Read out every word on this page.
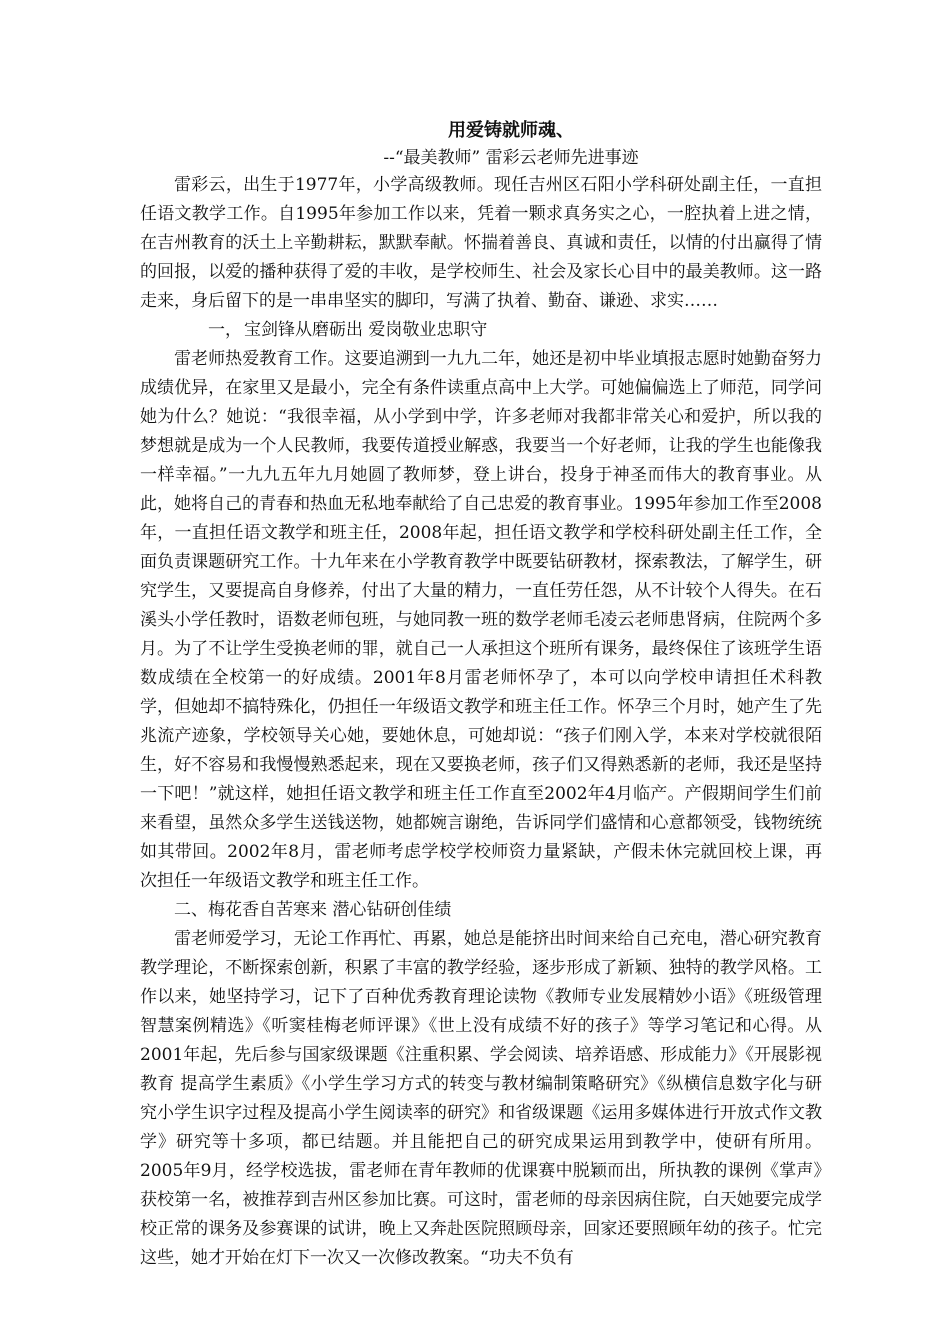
用爱铸就师魂、
--“最美教师” 雷彩云老师先进事迹

雷彩云，出生于1977年，小学高级教师。现任吉州区石阳小学科研处副主任，一直担任语文教学工作。自1995年参加工作以来，凭着一颗求真务实之心，一腔执着上进之情，在吉州教育的沃土上辛勤耕耘，默默奉献。怀揣着善良、真诚和责任，以情的付出赢得了情的回报，以爱的播种获得了爱的丰收，是学校师生、社会及家长心目中的最美教师。这一路走来，身后留下的是一串串坚实的脚印，写满了执着、勤奋、谦逊、求实……

一， 宝剑锋从磨砺出 爱岗敬业忠职守

雷老师热爱教育工作。这要追溯到一九九二年，她还是初中毕业填报志愿时她勤奋努力成绩优异，在家里又是最小，完全有条件读重点高中上大学。可她偏偏选上了师范，同学问她为什么？她说：“我很幸福，从小学到中学，许多老师对我都非常关心和爱护，所以我的梦想就是成为一个人民教师，我要传道授业解惑，我要当一个好老师，让我的学生也能像我一样幸福。”一九九五年九月她圆了教师梦，登上讲台，投身于神圣而伟大的教育事业。从此，她将自己的青春和热血无私地奉献给了自己忠爱的教育事业。1995年参加工作至2008年，一直担任语文教学和班主任，2008年起，担任语文教学和学校科研处副主任工作，全面负责课题研究工作。十九年来在小学教育教学中既要钻研教材，探索教法，了解学生，研究学生，又要提高自身修养，付出了大量的精力，一直任劳任怨，从不计较个人得失。在石溪头小学任教时，语数老师包班，与她同教一班的数学老师毛凌云老师患肾病，住院两个多月。为了不让学生受换老师的罪，就自己一人承担这个班所有课务，最终保住了该班学生语数成绩在全校第一的好成绩。2001年8月雷老师怀孕了，本可以向学校申请担任术科教学，但她却不搞特殊化，仍担任一年级语文教学和班主任工作。怀孕三个月时，她产生了先兆流产迹象，学校领导关心她，要她休息，可她却说：“孩子们刚入学，本来对学校就很陌生，好不容易和我慢慢熟悉起来，现在又要换老师，孩子们又得熟悉新的老师，我还是坚持一下吧！”就这样，她担任语文教学和班主任工作直至2002年4月临产。产假期间学生们前来看望，虽然众多学生送钱送物，她都婉言谢绝，告诉同学们盛情和心意都领受，钱物统统如其带回。2002年8月，雷老师考虑学校学校师资力量紧缺，产假未休完就回校上课，再次担任一年级语文教学和班主任工作。

二、梅花香自苦寒来 潜心钻研创佳绩

雷老师爱学习，无论工作再忙、再累，她总是能挤出时间来给自己充电，潜心研究教育教学理论，不断探索创新，积累了丰富的教学经验，逐步形成了新颖、独特的教学风格。工作以来，她坚持学习，记下了百种优秀教育理论读物《教师专业发展精妙小语》《班级管理智慧案例精选》《听窦桂梅老师评课》《世上没有成绩不好的孩子》等学习笔记和心得。从2001年起，先后参与国家级课题《注重积累、学会阅读、培养语感、形成能力》《开展影视教育 提高学生素质》《小学生学习方式的转变与教材编制策略研究》《纵横信息数字化与研究小学生识字过程及提高小学生阅读率的研究》和省级课题《运用多媒体进行开放式作文教学》研究等十多项，都已结题。并且能把自己的研究成果运用到教学中，使研有所用。2005年9月，经学校选拔，雷老师在青年教师的优课赛中脱颖而出，所执教的课例《掌声》获校第一名，被推荐到吉州区参加比赛。可这时，雷老师的母亲因病住院，白天她要完成学校正常的课务及参赛课的试讲，晚上又奔赴医院照顾母亲，回家还要照顾年幼的孩子。忙完这些，她才开始在灯下一次又一次修改教案。“功夫不负有
